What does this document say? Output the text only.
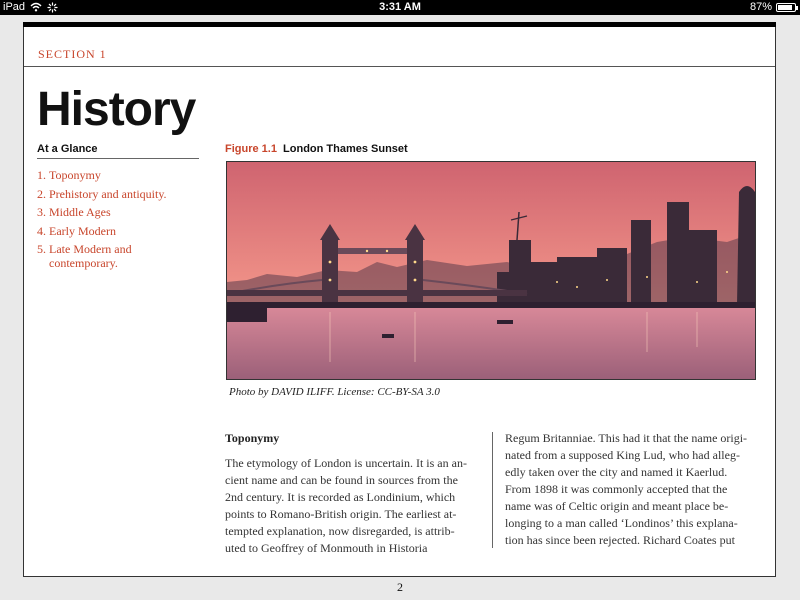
iPad	3:31 AM	87%
SECTION 1
History
At a Glance
1. Toponymy
2. Prehistory and antiquity.
3. Middle Ages
4. Early Modern
5. Late Modern and
contemporary.
Figure 1.1 London Thames Sunset
Photo by DAVID ILIFF. License: CC-BY-SA 3.0
Toponymy
The etymology of London is uncertain. It is an an-
cient name and can be found in sources from the
2nd century. It is recorded as Londinium, which
points to Romano-British origin. The earliest at-
tempted explanation, now disregarded, is attrib-
uted to Geoffrey of Monmouth in Historia
Regum Britanniae. This had it that the name origi-
nated from a supposed King Lud, who had alleg-
edly taken over the city and named it Kaerlud.
From 1898 it was commonly accepted that the
name was of Celtic origin and meant place be-
longing to a man called ‘Londinos’ this explana-
tion has since been rejected. Richard Coates put
2
